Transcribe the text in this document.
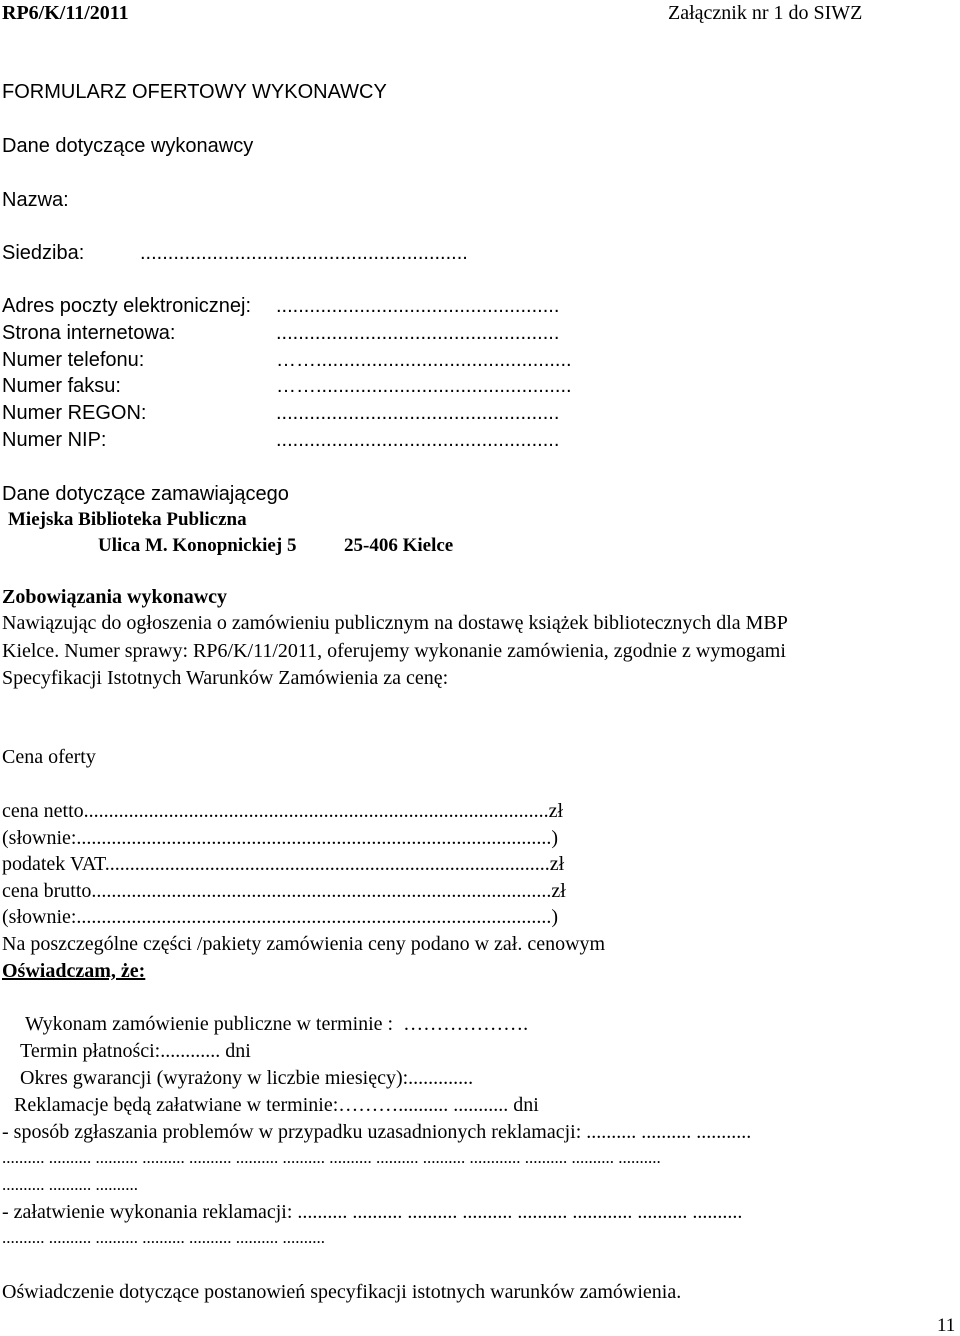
RP6/K/11/2011	Załącznik nr 1 do SIWZ
FORMULARZ OFERTOWY WYKONAWCY
Dane dotyczące wykonawcy
Nazwa:
Siedziba:	...........................................................
Adres poczty elektronicznej: ...................................................
Strona internetowa:	...................................................
Numer telefonu:	……..............................................
Numer faksu:	……..............................................
Numer REGON:	...................................................
Numer NIP:	...................................................
Dane dotyczące zamawiającego
Miejska Biblioteka Publiczna
Ulica M. Konopnickiej 5	25-406 Kielce
Zobowiązania wykonawcy
Nawiązując do ogłoszenia o zamówieniu publicznym na dostawę książek bibliotecznych dla MBP
Kielce. Numer sprawy: RP6/K/11/2011, oferujemy wykonanie zamówienia, zgodnie z wymogami
Specyfikacji Istotnych Warunków Zamówienia za cenę:
Cena oferty
cena netto.............................................................................................zł
(słownie:...............................................................................................)
podatek VAT.........................................................................................zł
cena brutto............................................................................................zł
(słownie:...............................................................................................)
Na poszczególne części /pakiety zamówienia ceny podano w zał. cenowym
Oświadczam, że:
Wykonam zamówienie publiczne w terminie :  ……………….
Termin płatności:............ dni
Okres gwarancji (wyrażony w liczbie miesięcy):.............
Reklamacje będą załatwiane w terminie:……….......... ........... dni
- sposób zgłaszania problemów w przypadku uzasadnionych reklamacji: .......... .......... ...........
.......... .......... .......... .......... .......... .......... .......... .......... .......... .......... ............ .......... .......... ..........
.......... .......... ..........
- załatwienie wykonania reklamacji: .......... .......... .......... .......... .......... ............ .......... ..........
.......... .......... .......... .......... .......... .......... ..........
Oświadczenie dotyczące postanowień specyfikacji istotnych warunków zamówienia.
11
